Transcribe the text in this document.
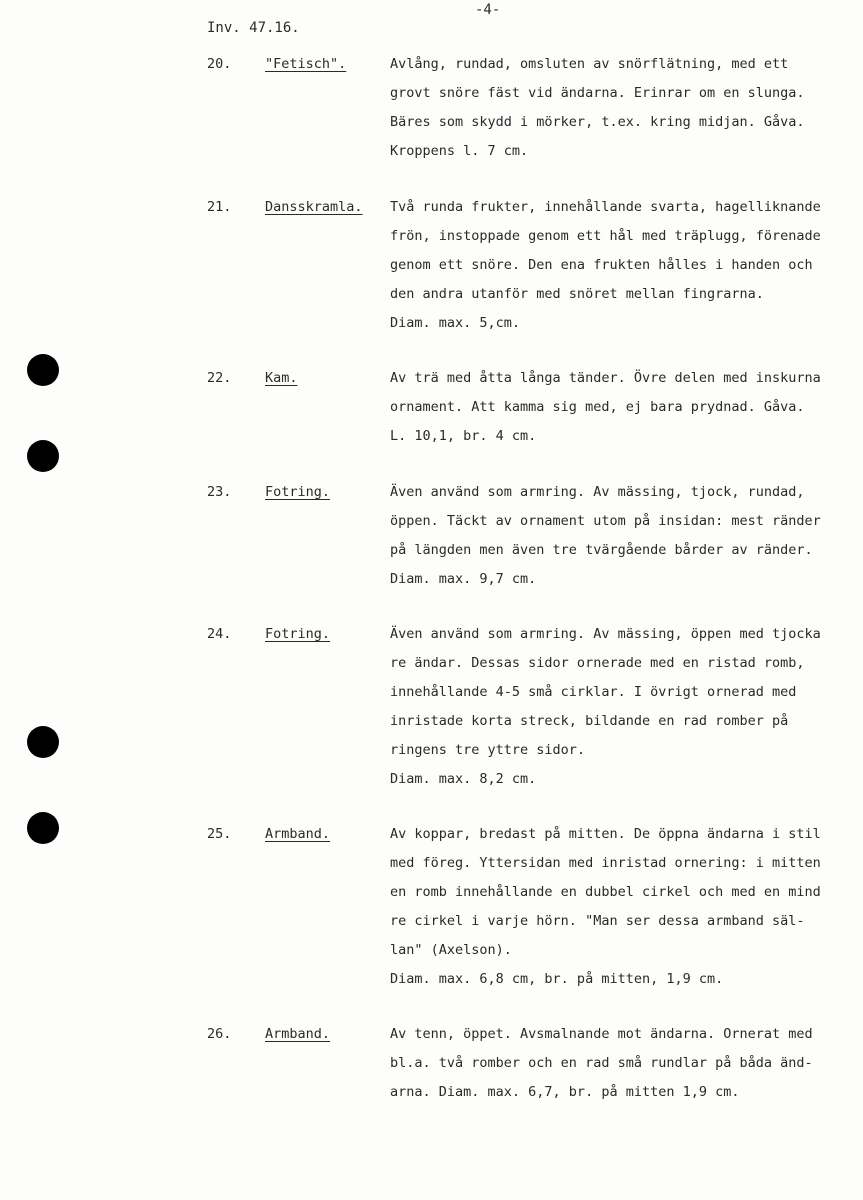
-4-
Inv. 47.16.
20. "Fetisch".	Avlång, rundad, omsluten av snörflätning, med ett
grovt snöre fäst vid ändarna. Erinrar om en slunga.
Bäres som skydd i mörker, t.ex. kring midjan. Gåva.
Kroppens l. 7 cm.
21. Dansskramla. Två runda frukter, innehållande svarta, hagelliknande
frön, instoppade genom ett hål med träplugg, förenade
genom ett snöre. Den ena frukten hålles i handen och
den andra utanför med snöret mellan fingrarna.
Diam. max. 5,cm.
22. Kam.	Av trä med åtta långa tänder. Övre delen med inskurna
ornament. Att kamma sig med, ej bara prydnad. Gåva.
L. 10,1, br. 4 cm.
23. Fotring.	Även använd som armring. Av mässing, tjock, rundad,
öppen. Täckt av ornament utom på insidan: mest ränder
på längden men även tre tvärgående bårder av ränder.
Diam. max. 9,7 cm.
24. Fotring.	Även använd som armring. Av mässing, öppen med tjocka
re ändar. Dessas sidor ornerade med en ristad romb,
innehållande 4-5 små cirklar. I övrigt ornerad med
inristade korta streck, bildande en rad romber på
ringens tre yttre sidor.
Diam. max. 8,2 cm.
25. Armband.	Av koppar, bredast på mitten. De öppna ändarna i stil
med föreg. Yttersidan med inristad ornering: i mitten
en romb innehållande en dubbel cirkel och med en mind
re cirkel i varje hörn. "Man ser dessa armband säl-
lan" (Axelson).
Diam. max. 6,8 cm, br. på mitten, 1,9 cm.
26. Armband.	Av tenn, öppet. Avsmalnande mot ändarna. Ornerat med
bl.a. två romber och en rad små rundlar på båda änd-
arna. Diam. max. 6,7, br. på mitten 1,9 cm.
